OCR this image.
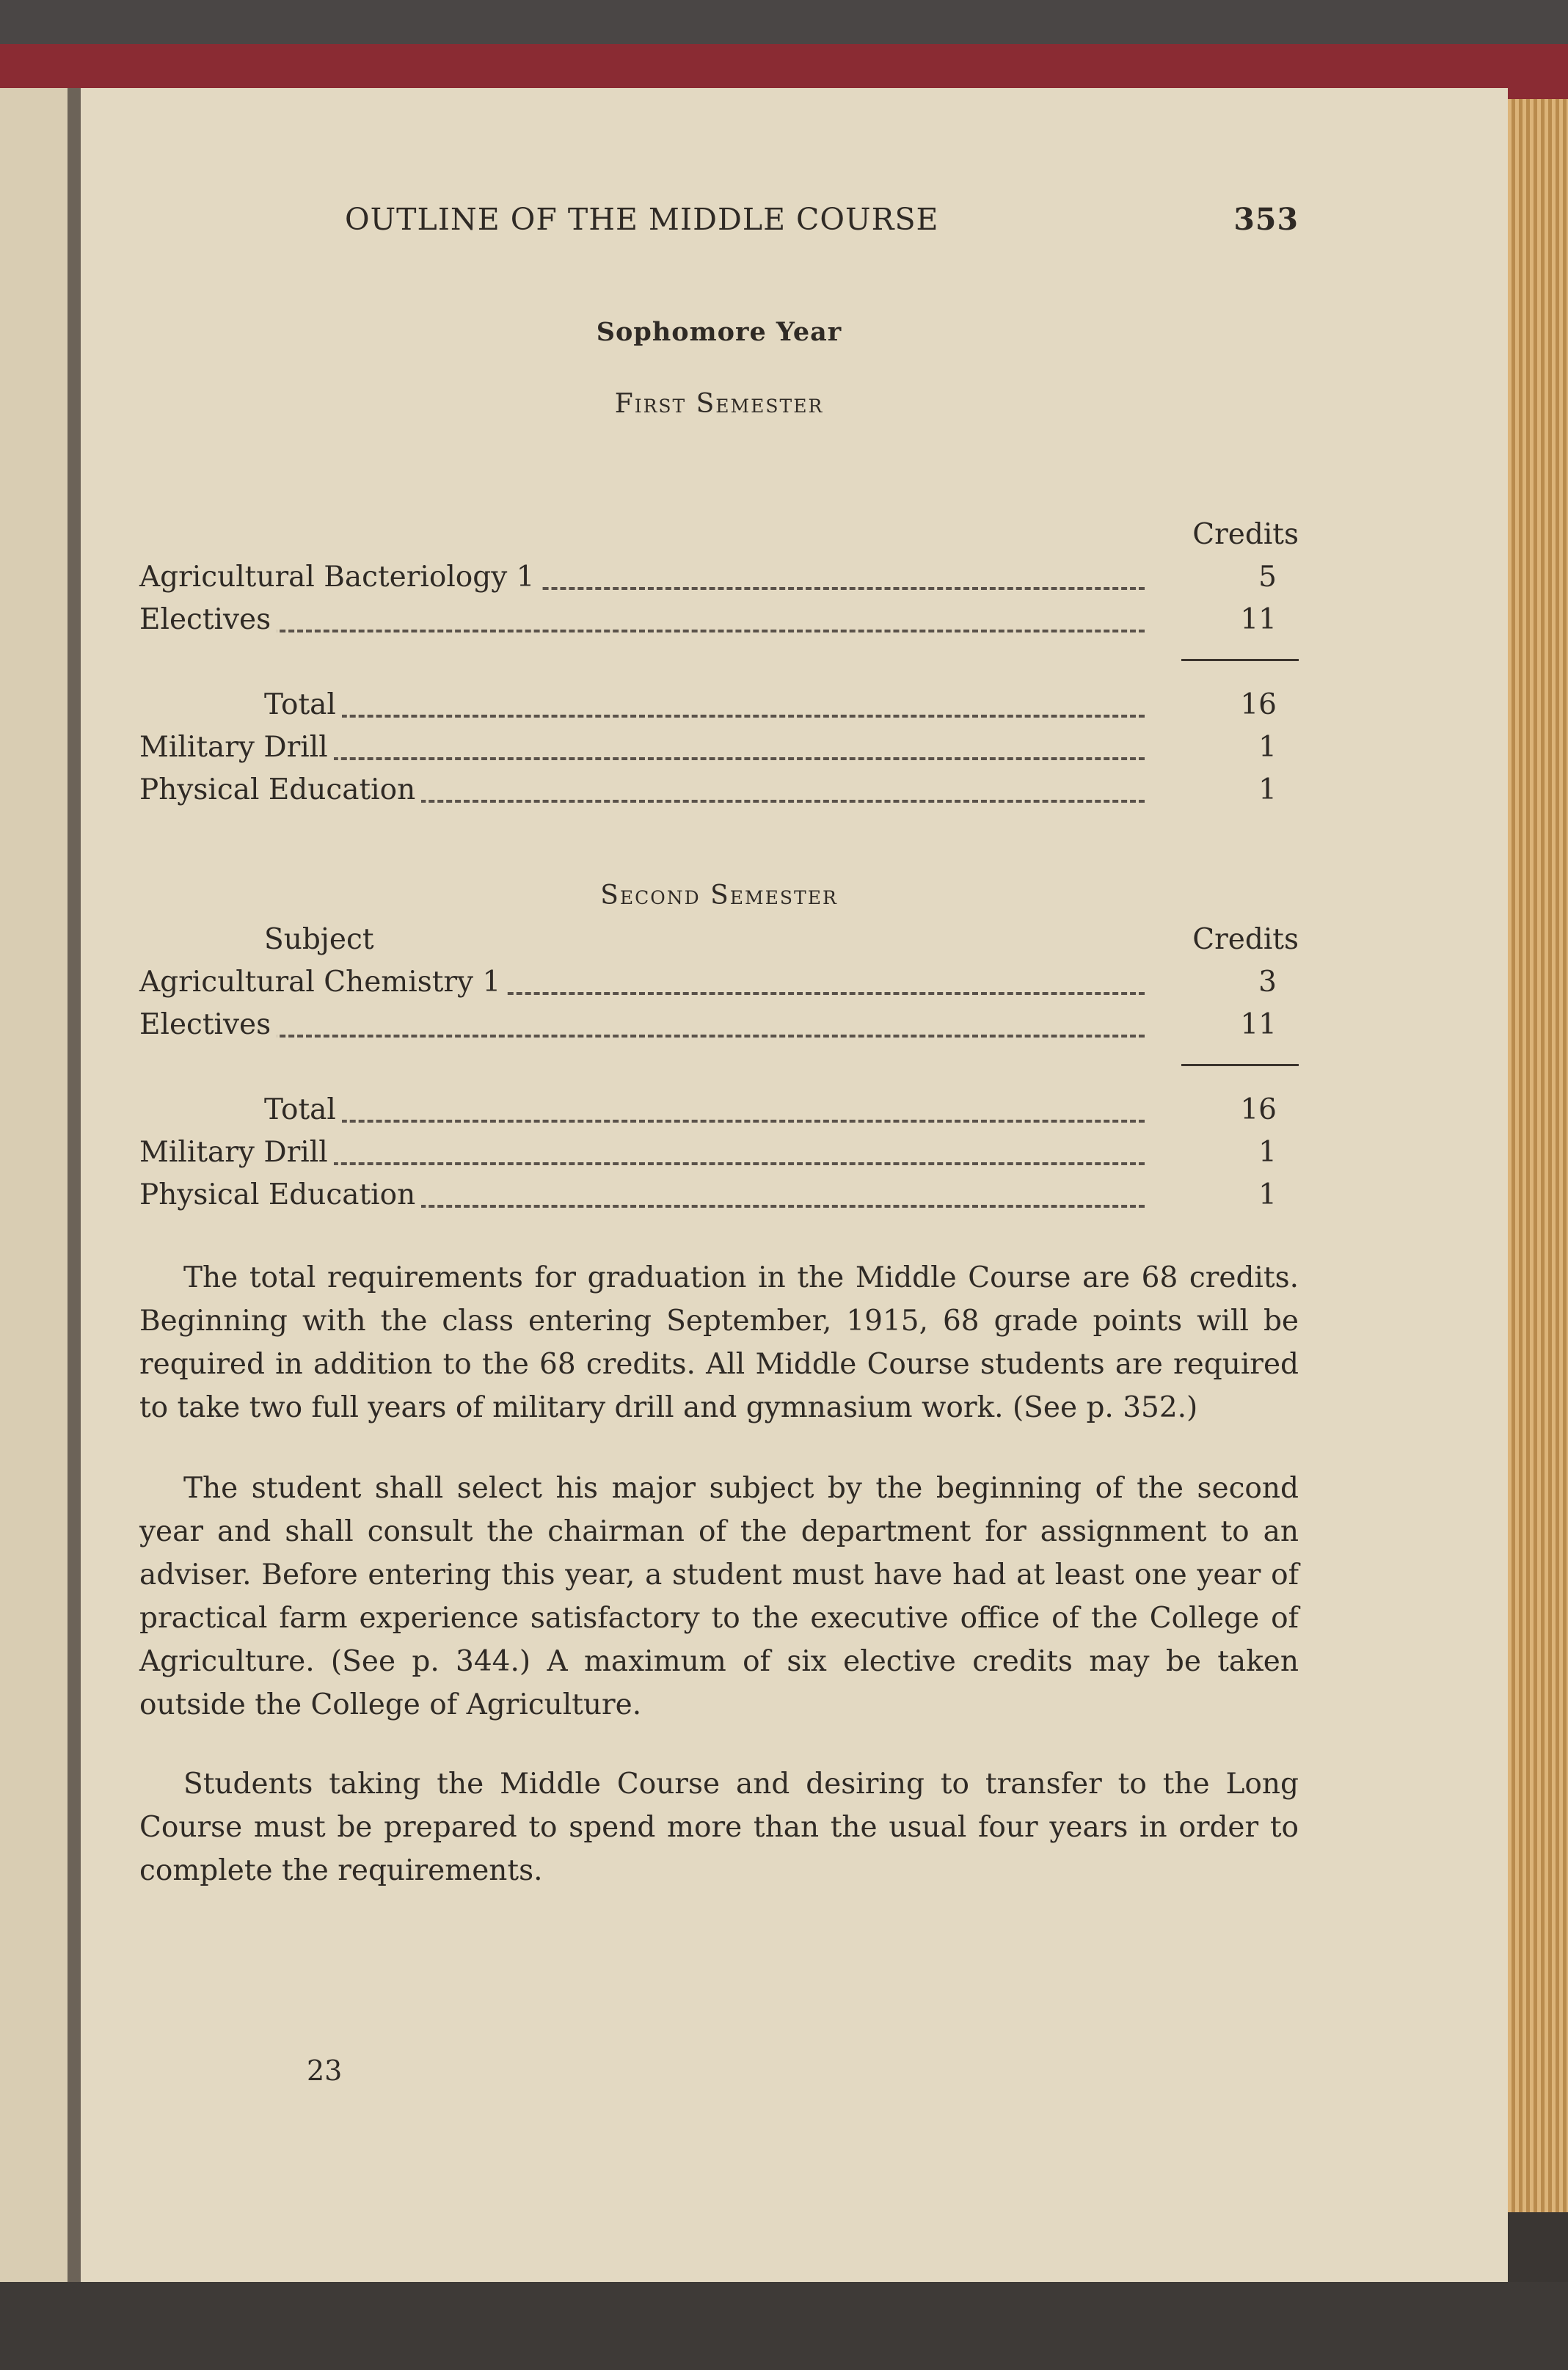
OUTLINE OF THE MIDDLE COURSE	353
Sophomore Year
First Semester
Credits
Agricultural Bacteriology 1	5
Electives	11
Total	16
Military Drill	1
Physical Education	1
Second Semester
Subject	Credits
Agricultural Chemistry 1	3
Electives	11
Total	16
Military Drill	1
Physical Education	1

The total requirements for graduation in the Middle Course are 68 credits. Beginning with the class entering September, 1915, 68 grade points will be required in addition to the 68 credits. All Middle Course students are required to take two full years of military drill and gymnasium work. (See p. 352.)

The student shall select his major subject by the beginning of the second year and shall consult the chairman of the department for assignment to an adviser. Before entering this year, a student must have had at least one year of practical farm experience satisfactory to the executive office of the College of Agriculture. (See p. 344.) A maximum of six elective credits may be taken outside the College of Agriculture.

Students taking the Middle Course and desiring to transfer to the Long Course must be prepared to spend more than the usual four years in order to complete the requirements.

23
